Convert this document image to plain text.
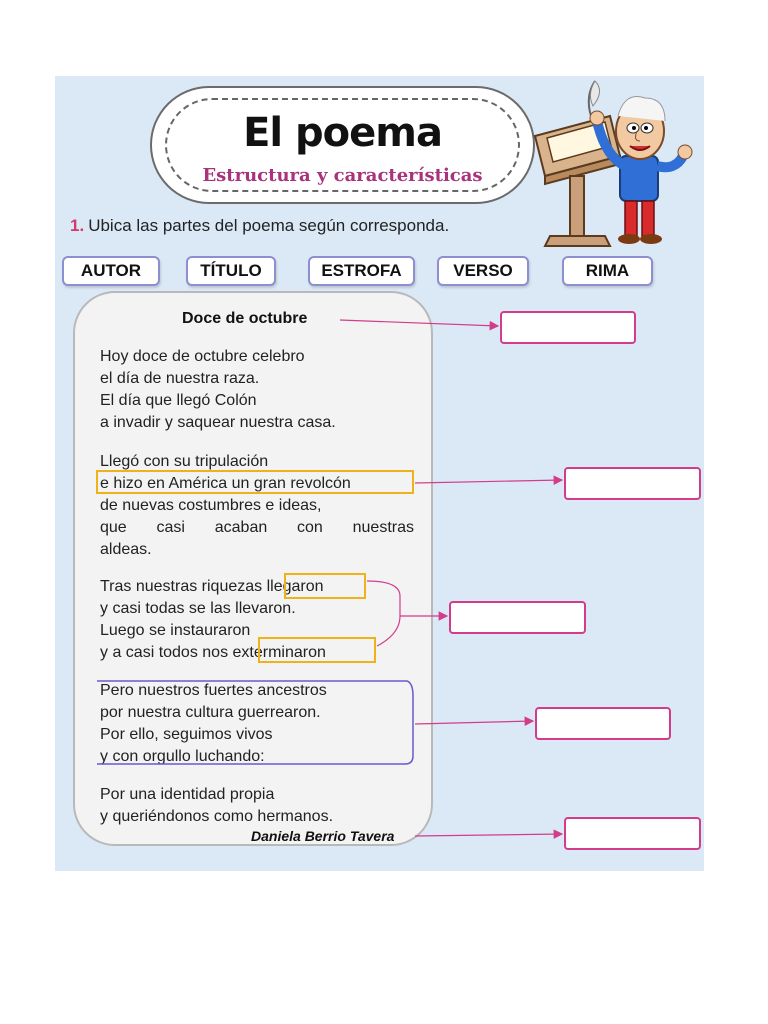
El poema
Estructura y características
1. Ubica las partes del poema según corresponda.
AUTOR	TÍTULO	ESTROFA	VERSO	RIMA
Doce de octubre
Hoy doce de octubre celebro
el día de nuestra raza.
El día que llegó Colón
a invadir y saquear nuestra casa.
Llegó con su tripulación
e hizo en América un gran revolcón
de nuevas costumbres e ideas,
que casi acaban con nuestras
aldeas.
Tras nuestras riquezas llegaron
y casi todas se las llevaron.
Luego se instauraron
y a casi todos nos exterminaron
Pero nuestros fuertes ancestros
por nuestra cultura guerrearon.
Por ello, seguimos vivos
y con orgullo luchando:
Por una identidad propia
y queriéndonos como hermanos.
Daniela Berrio Tavera
